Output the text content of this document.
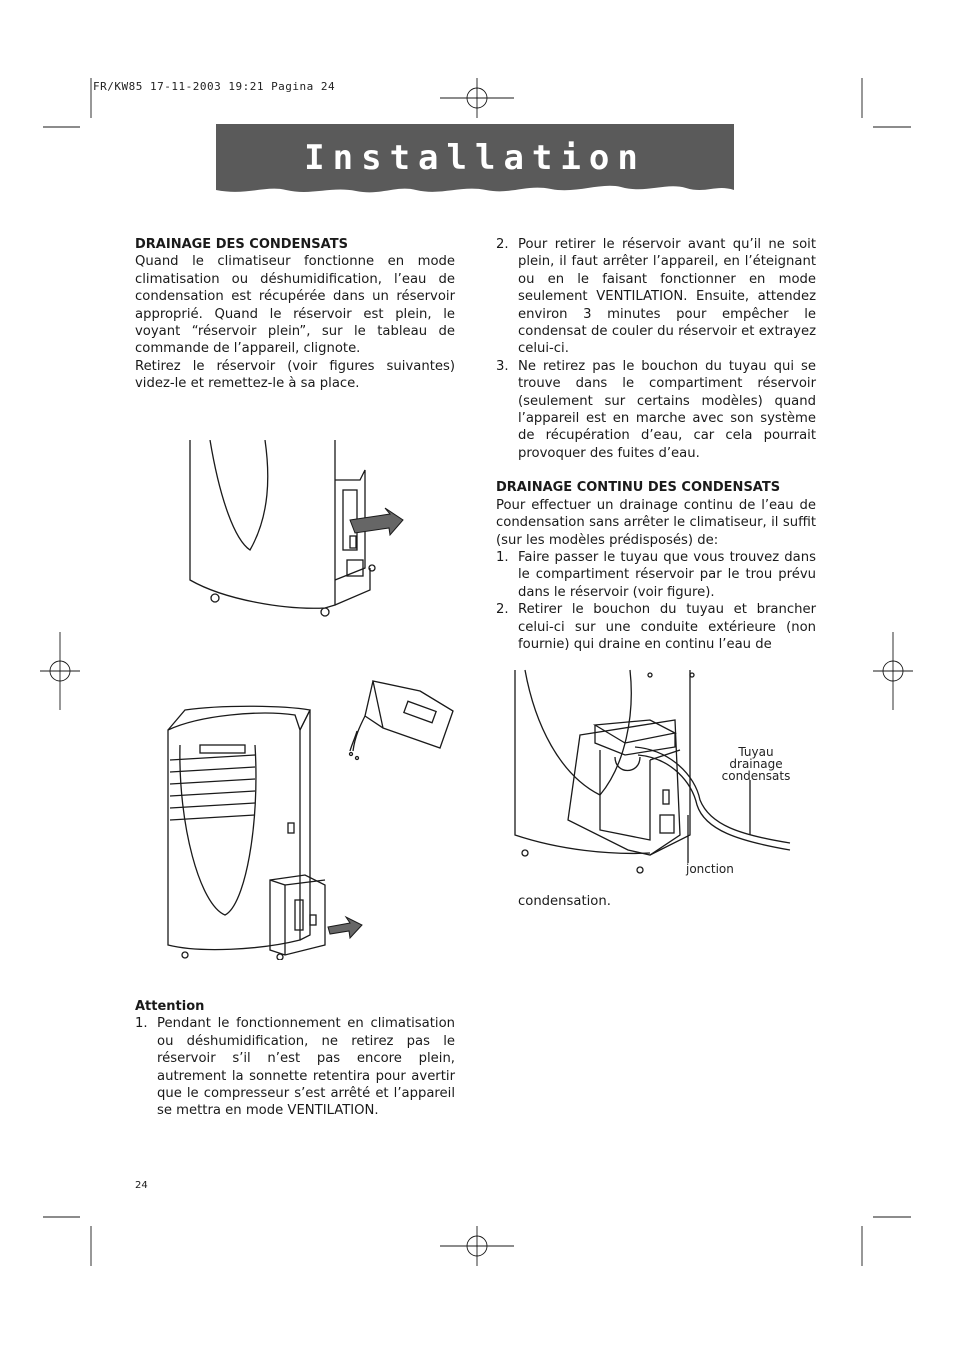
FR/KW85 17-11-2003 19:21 Pagina 24
Installation
DRAINAGE DES CONDENSATS

Quand le climatiseur fonctionne en mode climatisation ou déshumidification, l’eau de condensation est récupérée dans un réservoir approprié. Quand le réservoir est plein, le voyant “réservoir plein”, sur le tableau de commande de l’appareil, clignote.

Retirez le réservoir (voir figures suivantes) videz-le et remettez-le à sa place.

Attention
1. Pendant le fonctionnement en climatisation ou déshumidification, ne retirez pas le réservoir s’il n’est pas encore plein, autrement la sonnette retentira pour avertir que le compresseur s’est arrêté et l’appareil se mettra en mode VENTILATION.
2. Pour retirer le réservoir avant qu’il ne soit plein, il faut arrêter l’appareil, en l’éteignant ou en le faisant fonctionner en mode seulement VENTILATION. Ensuite, attendez environ 3 minutes pour empêcher le condensat de couler du réservoir et extrayez celui-ci.
3. Ne retirez pas le bouchon du tuyau qui se trouve dans le compartiment réservoir (seulement sur certains modèles) quand l’appareil est en marche avec son système de récupération d’eau, car cela pourrait provoquer des fuites d’eau.
DRAINAGE CONTINU DES CONDENSATS

Pour effectuer un drainage continu de l’eau de condensation sans arrêter le climatiseur, il suffit (sur les modèles prédisposés) de:

1. Faire passer le tuyau que vous trouvez dans le compartiment réservoir par le trou prévu dans le réservoir (voir figure).
2. Retirer le bouchon du tuyau et brancher celui-ci sur une conduite extérieure (non fournie) qui draine en continu l’eau de
Tuyau
drainage
condensats
jonction
condensation.
24
